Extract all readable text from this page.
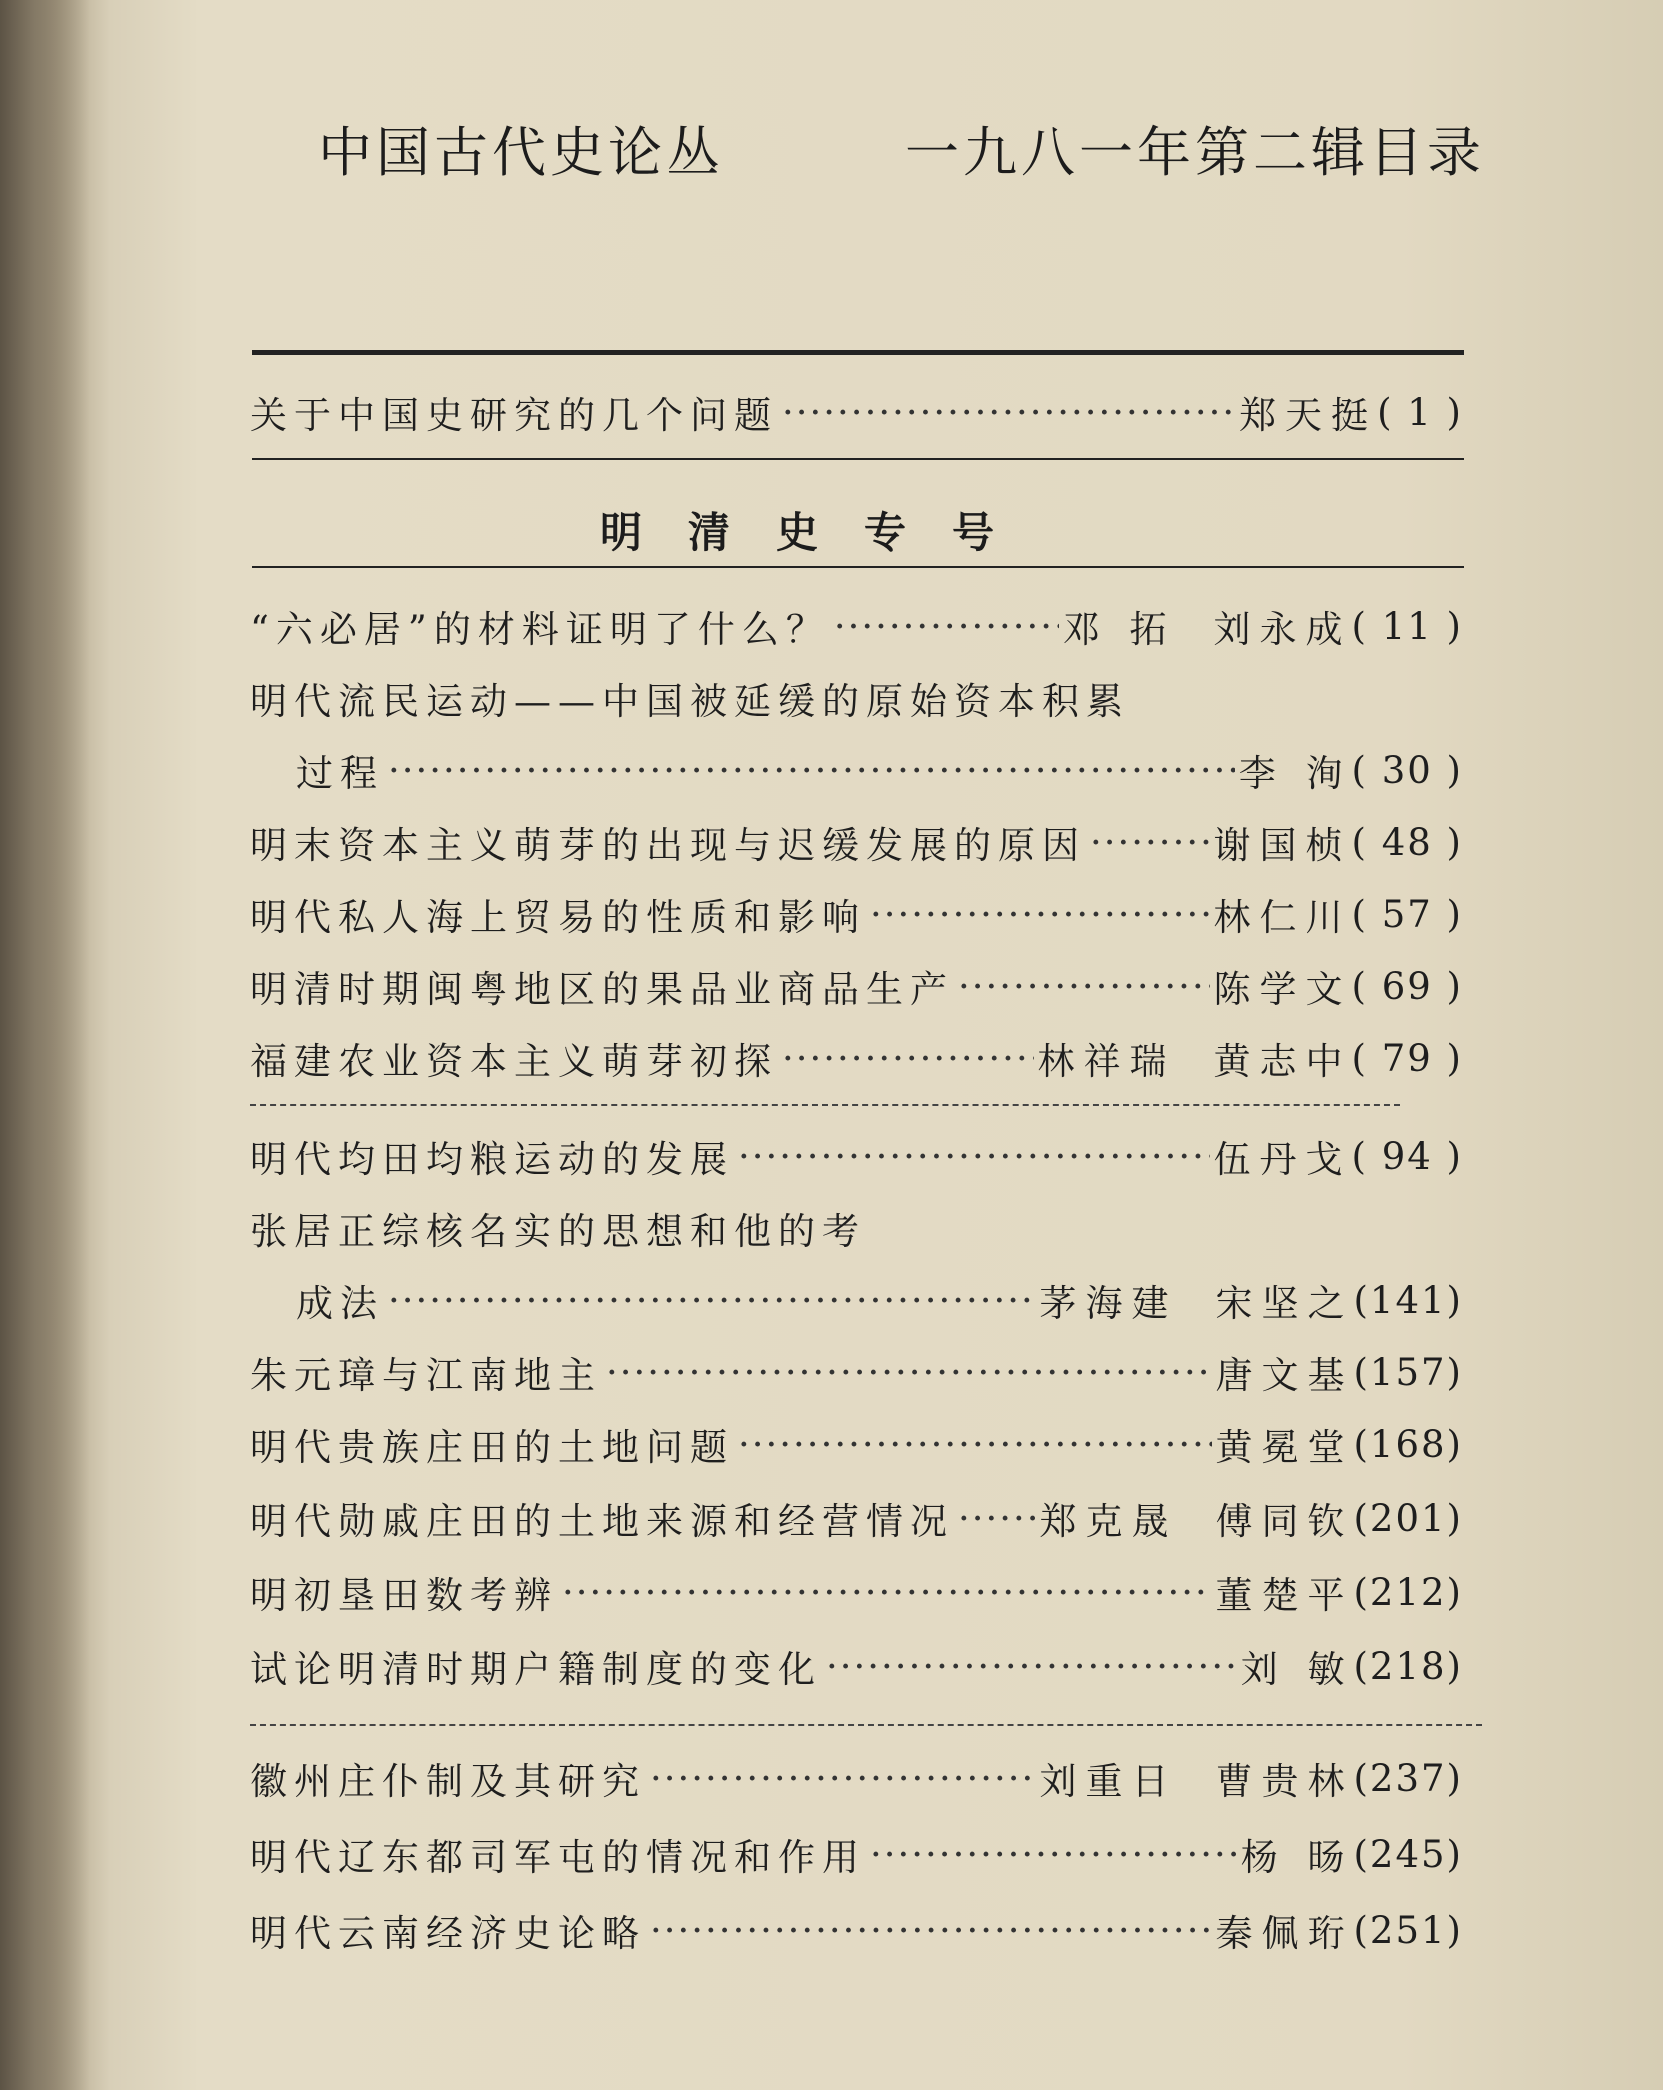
中国古代史论丛	一九八一年第二辑目录
关于中国史研究的几个问题 ·····	郑天挺 ( 1 )
明清史专号
“六必居”的材料证明了什么？ ·····	邓 拓 刘永成 ( 11 )
明代流民运动——中国被延缓的原始资本积累
过程 ·····	李 洵 ( 30 )
明末资本主义萌芽的出现与迟缓发展的原因 ·····	谢国桢 ( 48 )
明代私人海上贸易的性质和影响 ·····	林仁川 ( 57 )
明清时期闽粤地区的果品业商品生产 ·····	陈学文 ( 69 )
福建农业资本主义萌芽初探 ·····	林祥瑞 黄志中 ( 79 )
明代均田均粮运动的发展 ·····	伍丹戈 ( 94 )
张居正综核名实的思想和他的考
成法 ·····	茅海建 宋坚之 (141)
朱元璋与江南地主 ·····	唐文基 (157)
明代贵族庄田的土地问题 ·····	黄冕堂 (168)
明代勋戚庄田的土地来源和经营情况 ····· 郑克晟 傅同钦 (201)
明初垦田数考辨 ·····	董楚平 (212)
试论明清时期户籍制度的变化 ·····	刘 敏 (218)
徽州庄仆制及其研究 ·····	刘重日 曹贵林 (237)
明代辽东都司军屯的情况和作用 ·····	杨 旸 (245)
明代云南经济史论略 ·····	秦佩珩 (251)
